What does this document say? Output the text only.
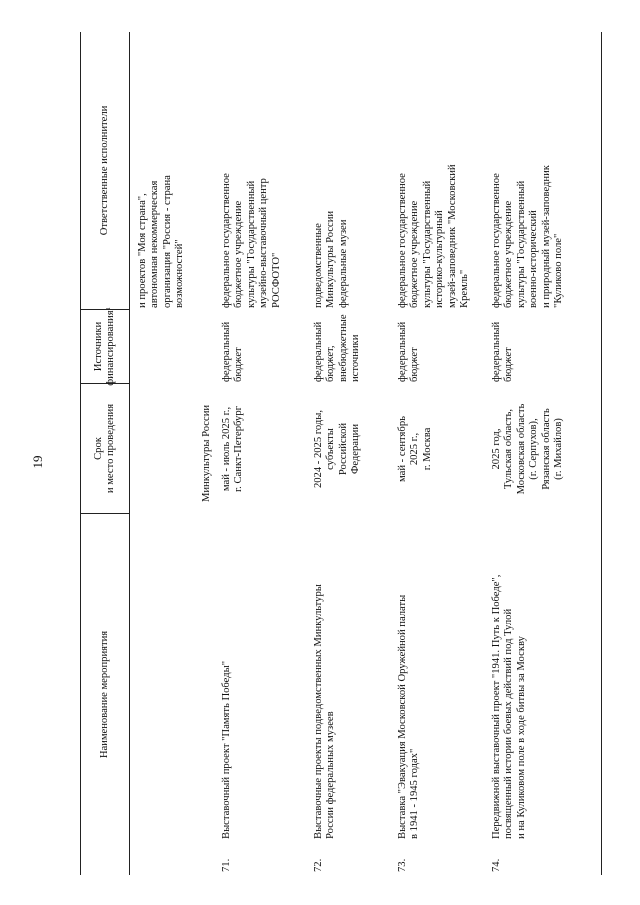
19
Наименование мероприятия
Срок
и место проведения
Источники
финансирования¹
Ответственные исполнители
и проектов "Моя страна",
автономная некоммерческая
организация "Россия - страна
возможностей"
Минкультуры России
71.
Выставочный проект "Память Победы"
май - июль 2025 г.,
г. Санкт-Петербург
федеральный
бюджет
федеральное государственное
бюджетное учреждение
культуры "Государственный
музейно-выставочный центр
РОСФОТО"
72.
Выставочные проекты подведомственных Минкультуры
России федеральных музеев
2024 - 2025 годы,
субъекты
Российской
Федерации
федеральный
бюджет,
внебюджетные
источники
подведомственные
Минкультуры России
федеральные музеи
73.
Выставка "Эвакуация Московской Оружейной палаты
в 1941 - 1945 годах"
май - сентябрь
2025 г.,
г. Москва
федеральный
бюджет
федеральное государственное
бюджетное учреждение
культуры "Государственный
историко-культурный
музей-заповедник "Московский
Кремль"
74.
Передвижной выставочный проект "1941. Путь к Победе",
посвященный истории боевых действий под Тулой
и на Куликовом поле в ходе битвы за Москву
2025 год,
Тульская область,
Московская область
(г. Серпухов),
Рязанская область
(г. Михайлов)
федеральный
бюджет
федеральное государственное
бюджетное учреждение
культуры "Государственный
военно-исторический
и природный музей-заповедник
"Куликово поле"
